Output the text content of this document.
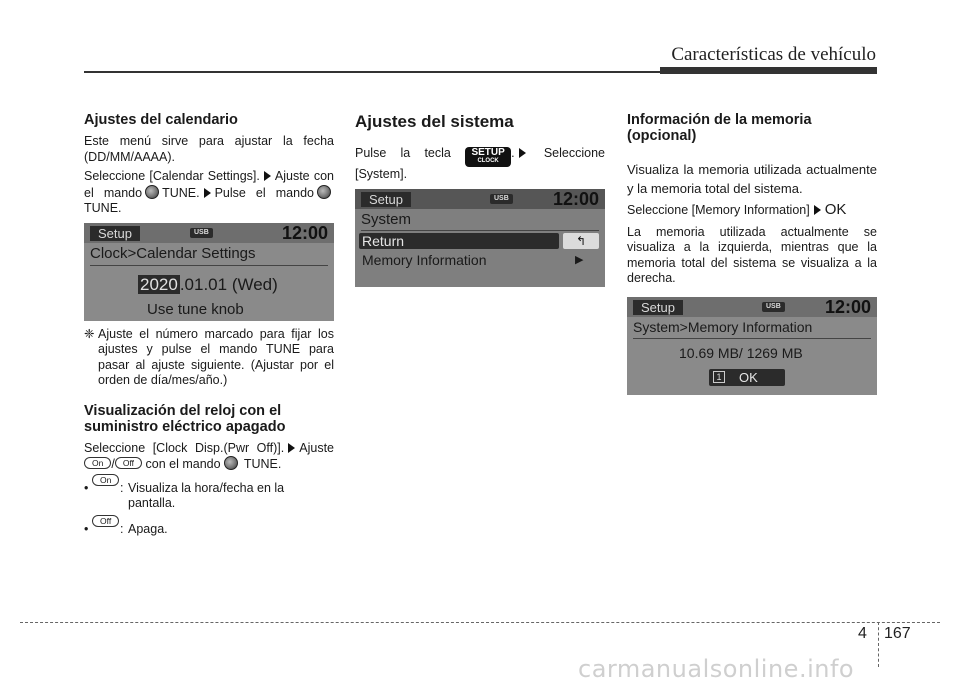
Características de vehículo
Ajustes del calendario

Este menú sirve para ajustar la fecha (DD/MM/AAAA).

Seleccione [Calendar Settings]. Ajuste con el mando TUNE. Pulse el mandoTUNE.

Setup	USB	12:00
Clock>Calendar Settings
2020 .01.01 (Wed)
Use tune knob
❈ Ajuste el número marcado para fijar los ajustes y pulse el mando TUNE para pasar al ajuste siguiente. (Ajustar por el orden de día/mes/año.)
Visualización del reloj con el suministro eléctrico apagado

Seleccione [Clock Disp.(Pwr Off)]. Ajuste On / Off con el mando TUNE.

•
On
: Visualiza la hora/fecha en la pantalla.
•
Off
: Apaga.
Ajustes del sistema

Pulse la tecla	SETUP
CLOCK
. Seleccione [System].

Setup	USB 12:00
System
Return	↰
Memory Information	▶
Información de la memoria (opcional)

Visualiza la memoria utilizada actualmente y la memoria total del sistema.

Seleccione [Memory Information] OK

La memoria utilizada actualmente se visualiza a la izquierda, mientras que la memoria total del sistema se visualiza a la derecha.

Setup	USB 12:00
System>Memory Information
10.69 MB/ 1269 MB
1 OK
4 167
carmanualsonline.info
